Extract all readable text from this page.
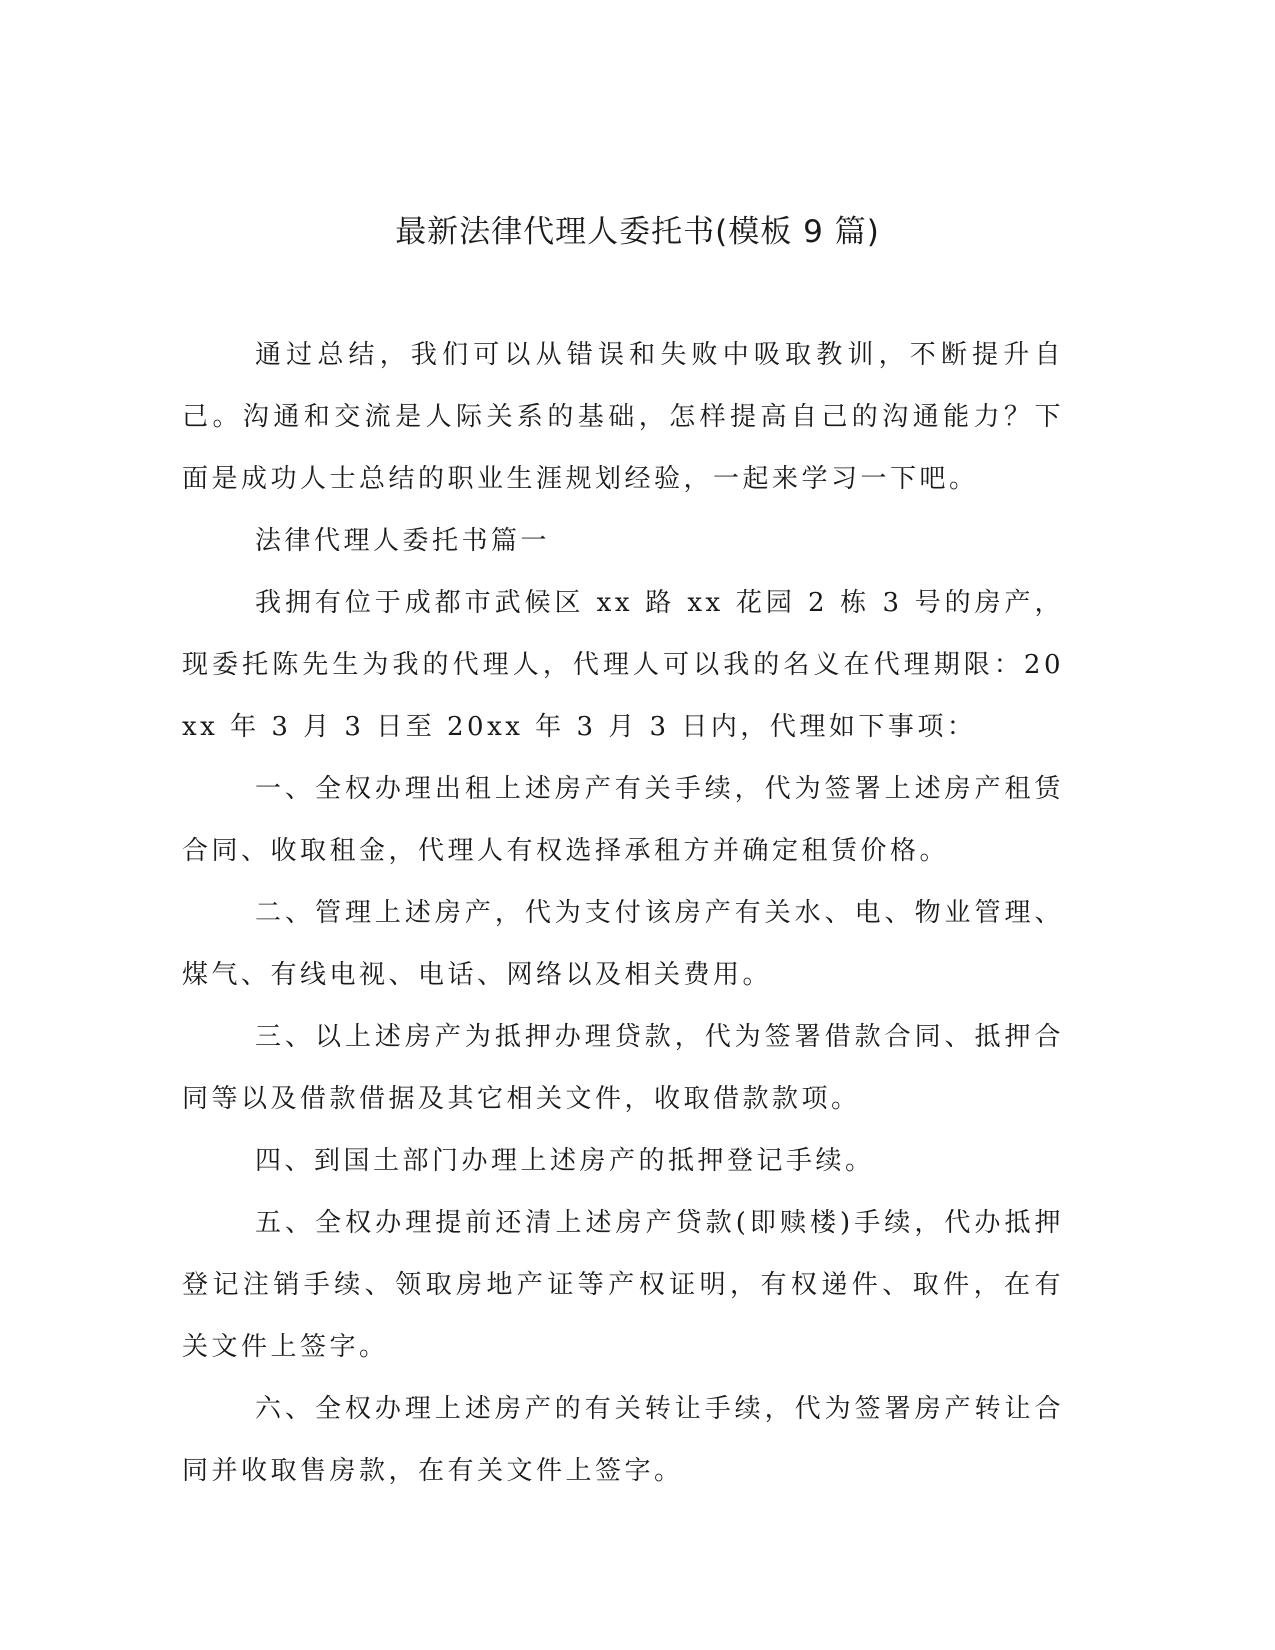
最新法律代理人委托书(模板 9 篇)

通过总结，我们可以从错误和失败中吸取教训，不断提升自己。沟通和交流是人际关系的基础，怎样提高自己的沟通能力？下面是成功人士总结的职业生涯规划经验，一起来学习一下吧。

法律代理人委托书篇一

我拥有位于成都市武候区 xx 路 xx 花园 2 栋 3 号的房产，现委托陈先生为我的代理人，代理人可以我的名义在代理期限：20xx 年 3 月 3 日至 20xx 年 3 月 3 日内，代理如下事项：

一、全权办理出租上述房产有关手续，代为签署上述房产租赁合同、收取租金，代理人有权选择承租方并确定租赁价格。

二、管理上述房产，代为支付该房产有关水、电、物业管理、煤气、有线电视、电话、网络以及相关费用。

三、以上述房产为抵押办理贷款，代为签署借款合同、抵押合同等以及借款借据及其它相关文件，收取借款款项。

四、到国土部门办理上述房产的抵押登记手续。

五、全权办理提前还清上述房产贷款(即赎楼)手续，代办抵押登记注销手续、领取房地产证等产权证明，有权递件、取件，在有关文件上签字。

六、全权办理上述房产的有关转让手续，代为签署房产转让合同并收取售房款，在有关文件上签字。
